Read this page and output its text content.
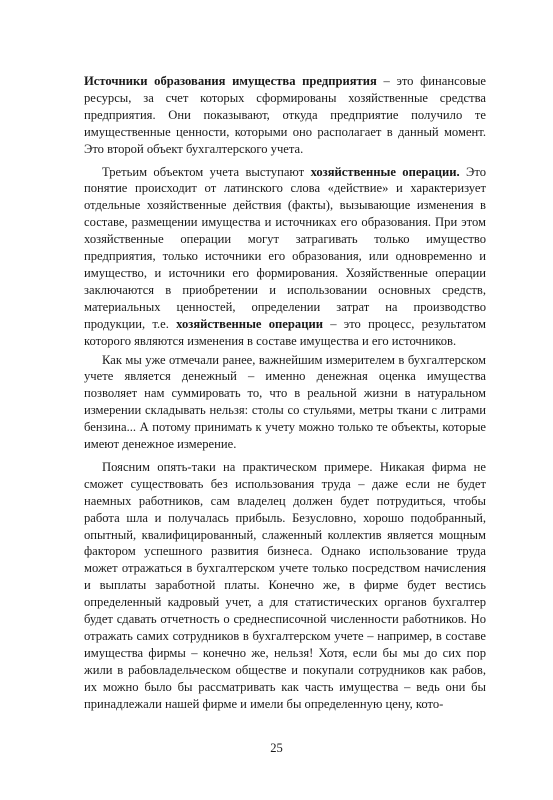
Источники образования имущества предприятия – это финансовые ресурсы, за счет которых сформированы хозяйственные средства предприятия. Они показывают, откуда предприятие получило те имущественные ценности, которыми оно располагает в данный момент. Это второй объект бухгалтерского учета.

Третьим объектом учета выступают хозяйственные операции. Это понятие происходит от латинского слова «действие» и характеризует отдельные хозяйственные действия (факты), вызывающие изменения в составе, размещении имущества и источниках его образования. При этом хозяйственные операции могут затрагивать только имущество предприятия, только источники его образования, или одновременно и имущество, и источники его формирования. Хозяйственные операции заключаются в приобретении и использовании основных средств, материальных ценностей, определении затрат на производство продукции, т.е. хозяйственные операции – это процесс, результатом которого являются изменения в составе имущества и его источников.

Как мы уже отмечали ранее, важнейшим измерителем в бухгалтерском учете является денежный – именно денежная оценка имущества позволяет нам суммировать то, что в реальной жизни в натуральном измерении складывать нельзя: столы со стульями, метры ткани с литрами бензина... А потому принимать к учету можно только те объекты, которые имеют денежное измерение.

Поясним опять-таки на практическом примере. Никакая фирма не сможет существовать без использования труда – даже если не будет наемных работников, сам владелец должен будет потрудиться, чтобы работа шла и получалась прибыль. Безусловно, хорошо подобранный, опытный, квалифицированный, слаженный коллектив является мощным фактором успешного развития бизнеса. Однако использование труда может отражаться в бухгалтерском учете только посредством начисления и выплаты заработной платы. Конечно же, в фирме будет вестись определенный кадровый учет, а для статистических органов бухгалтер будет сдавать отчетность о среднесписочной численности работников. Но отражать самих сотрудников в бухгалтерском учете – например, в составе имущества фирмы – конечно же, нельзя! Хотя, если бы мы до сих пор жили в рабовладельческом обществе и покупали сотрудников как рабов, их можно было бы рассматривать как часть имущества – ведь они бы принадлежали нашей фирме и имели бы определенную цену, кото-

25
